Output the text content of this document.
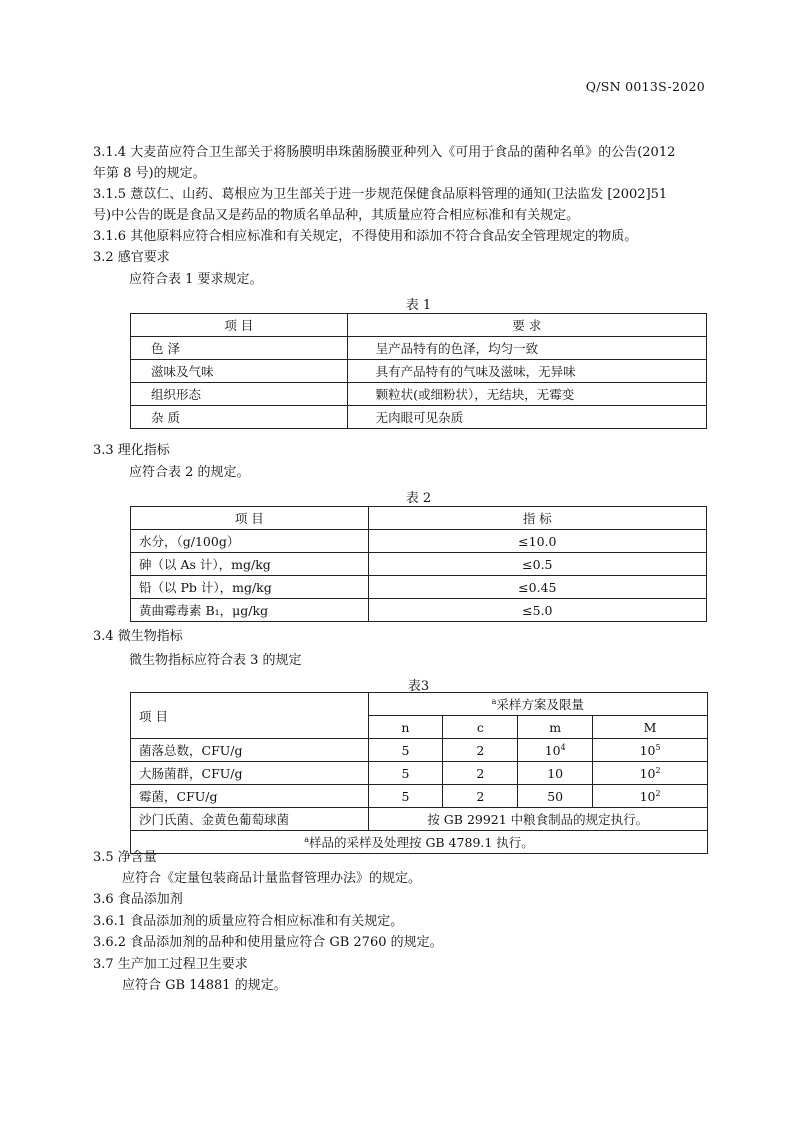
Q/SN 0013S-2020
3.1.4 大麦苗应符合卫生部关于将肠膜明串珠菌肠膜亚种列入《可用于食品的菌种名单》的公告(2012
年第 8 号)的规定。
3.1.5 薏苡仁、山药、葛根应为卫生部关于进一步规范保健食品原料管理的通知(卫法监发 [2002]51
号)中公告的既是食品又是药品的物质名单品种，其质量应符合相应标准和有关规定。
3.1.6 其他原料应符合相应标准和有关规定，不得使用和添加不符合食品安全管理规定的物质。
3.2 感官要求
应符合表 1 要求规定。
表 1
项 目	要 求
色 泽	呈产品特有的色泽，均匀一致
滋味及气味	具有产品特有的气味及滋味，无异味
组织形态	颗粒状(或细粉状），无结块，无霉变
杂 质	无肉眼可见杂质
3.3 理化指标
应符合表 2 的规定。
表 2
项 目	指 标
水分，（g/100g）	≤10.0
砷（以 As 计），mg/kg	≤0.5
铅（以 Pb 计），mg/kg	≤0.45
黄曲霉毒素 B₁，μg/kg	≤5.0
3.4 微生物指标
微生物指标应符合表 3 的规定
表3
项 目	$^a$采样方案及限量			
	n	c	m	M
菌落总数，CFU/g	5	2	$10^4$	$10^5$
大肠菌群，CFU/g	5	2	10	$10^2$
霉菌，CFU/g	5	2	50	$10^2$
沙门氏菌、金黄色葡萄球菌	按 GB 29921 中粮食制品的规定执行。			
$^a$样品的采样及处理按 GB 4789.1 执行。				
3.5 净含量
应符合《定量包装商品计量监督管理办法》的规定。
3.6 食品添加剂
3.6.1 食品添加剂的质量应符合相应标准和有关规定。
3.6.2 食品添加剂的品种和使用量应符合 GB 2760 的规定。
3.7 生产加工过程卫生要求
应符合 GB 14881 的规定。
